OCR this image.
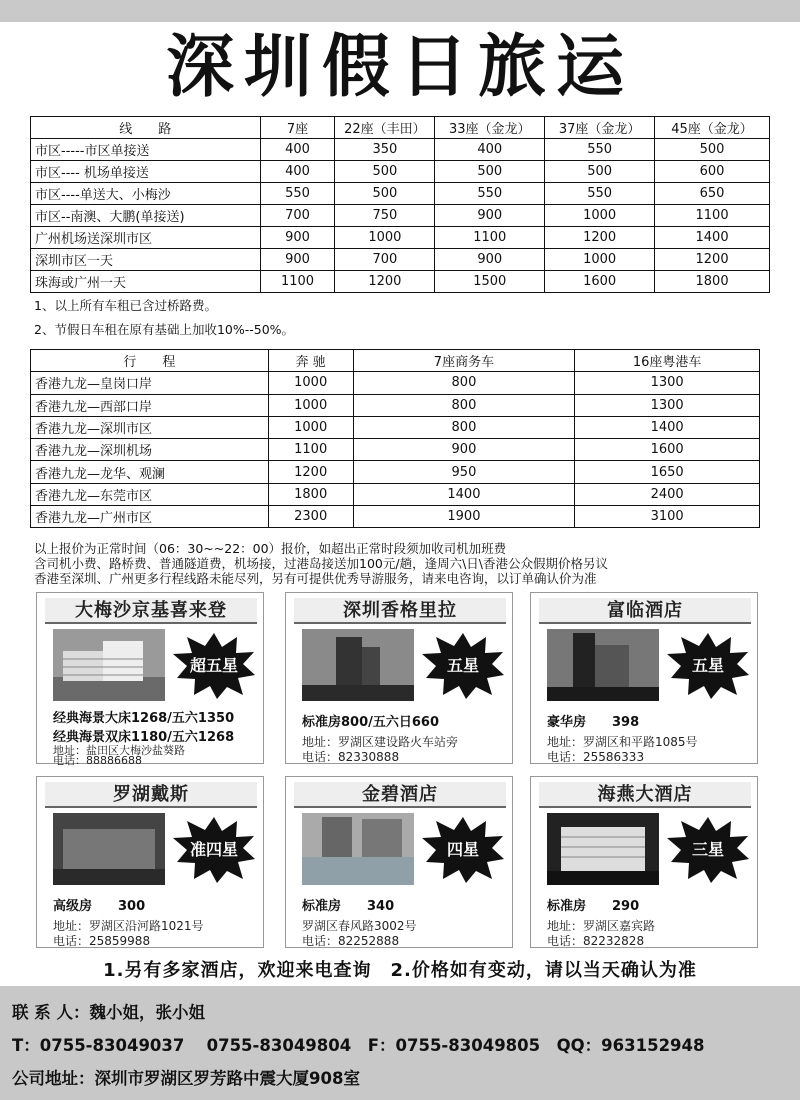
深圳假日旅运
线　　路	7座	22座（丰田）	33座（金龙）	37座（金龙）	45座（金龙）
市区-----市区单接送	400	350	400	550	500
市区---- 机场单接送	400	500	500	500	600
市区----单送大、小梅沙	550	500	550	550	650
市区--南澳、大鹏(单接送)	700	750	900	1000	1100
广州机场送深圳市区	900	1000	1100	1200	1400
深圳市区一天	900	700	900	1000	1200
珠海或广州一天	1100	1200	1500	1600	1800
1、以上所有车租已含过桥路费。
2、节假日车租在原有基础上加收10%--50%。
行　　程	奔 驰	7座商务车	16座粤港车
香港九龙—皇岗口岸	1000	800	1300
香港九龙—西部口岸	1000	800	1300
香港九龙—深圳市区	1000	800	1400
香港九龙—深圳机场	1100	900	1600
香港九龙—龙华、观澜	1200	950	1650
香港九龙—东莞市区	1800	1400	2400
香港九龙—广州市区	2300	1900	3100
以上报价为正常时间（06：30~~22：00）报价，如超出正常时段须加收司机加班费
含司机小费、路桥费、普通隧道费，机场接，过港岛接送加100元/趟，逢周六\日\香港公众假期价格另议
香港至深圳、广州更多行程线路未能尽列，另有可提供优秀导游服务，请来电咨询，以订单确认价为准
大梅沙京基喜来登
超五星
经典海景大床1268/五六1350
经典海景双床1180/五六1268
地址：盐田区大梅沙盐葵路
电话：88886688
深圳香格里拉
五星
标准房800/五六日660
地址：罗湖区建设路火车站旁
电话：82330888
富临酒店
五星
豪华房　　398
地址：罗湖区和平路1085号
电话：25586333
罗湖戴斯
准四星
高级房　　300
地址：罗湖区沿河路1021号
电话：25859988
金碧酒店
四星
标准房　　340
罗湖区春风路3002号
电话：82252888
海燕大酒店
三星
标准房　　290
地址：罗湖区嘉宾路
电话：82232828
1.另有多家酒店，欢迎来电查询　2.价格如有变动，请以当天确认为准
联 系 人：魏小姐，张小姐
T：0755-83049037　 0755-83049804　F：0755-83049805　QQ：963152948
公司地址：深圳市罗湖区罗芳路中震大厦908室
